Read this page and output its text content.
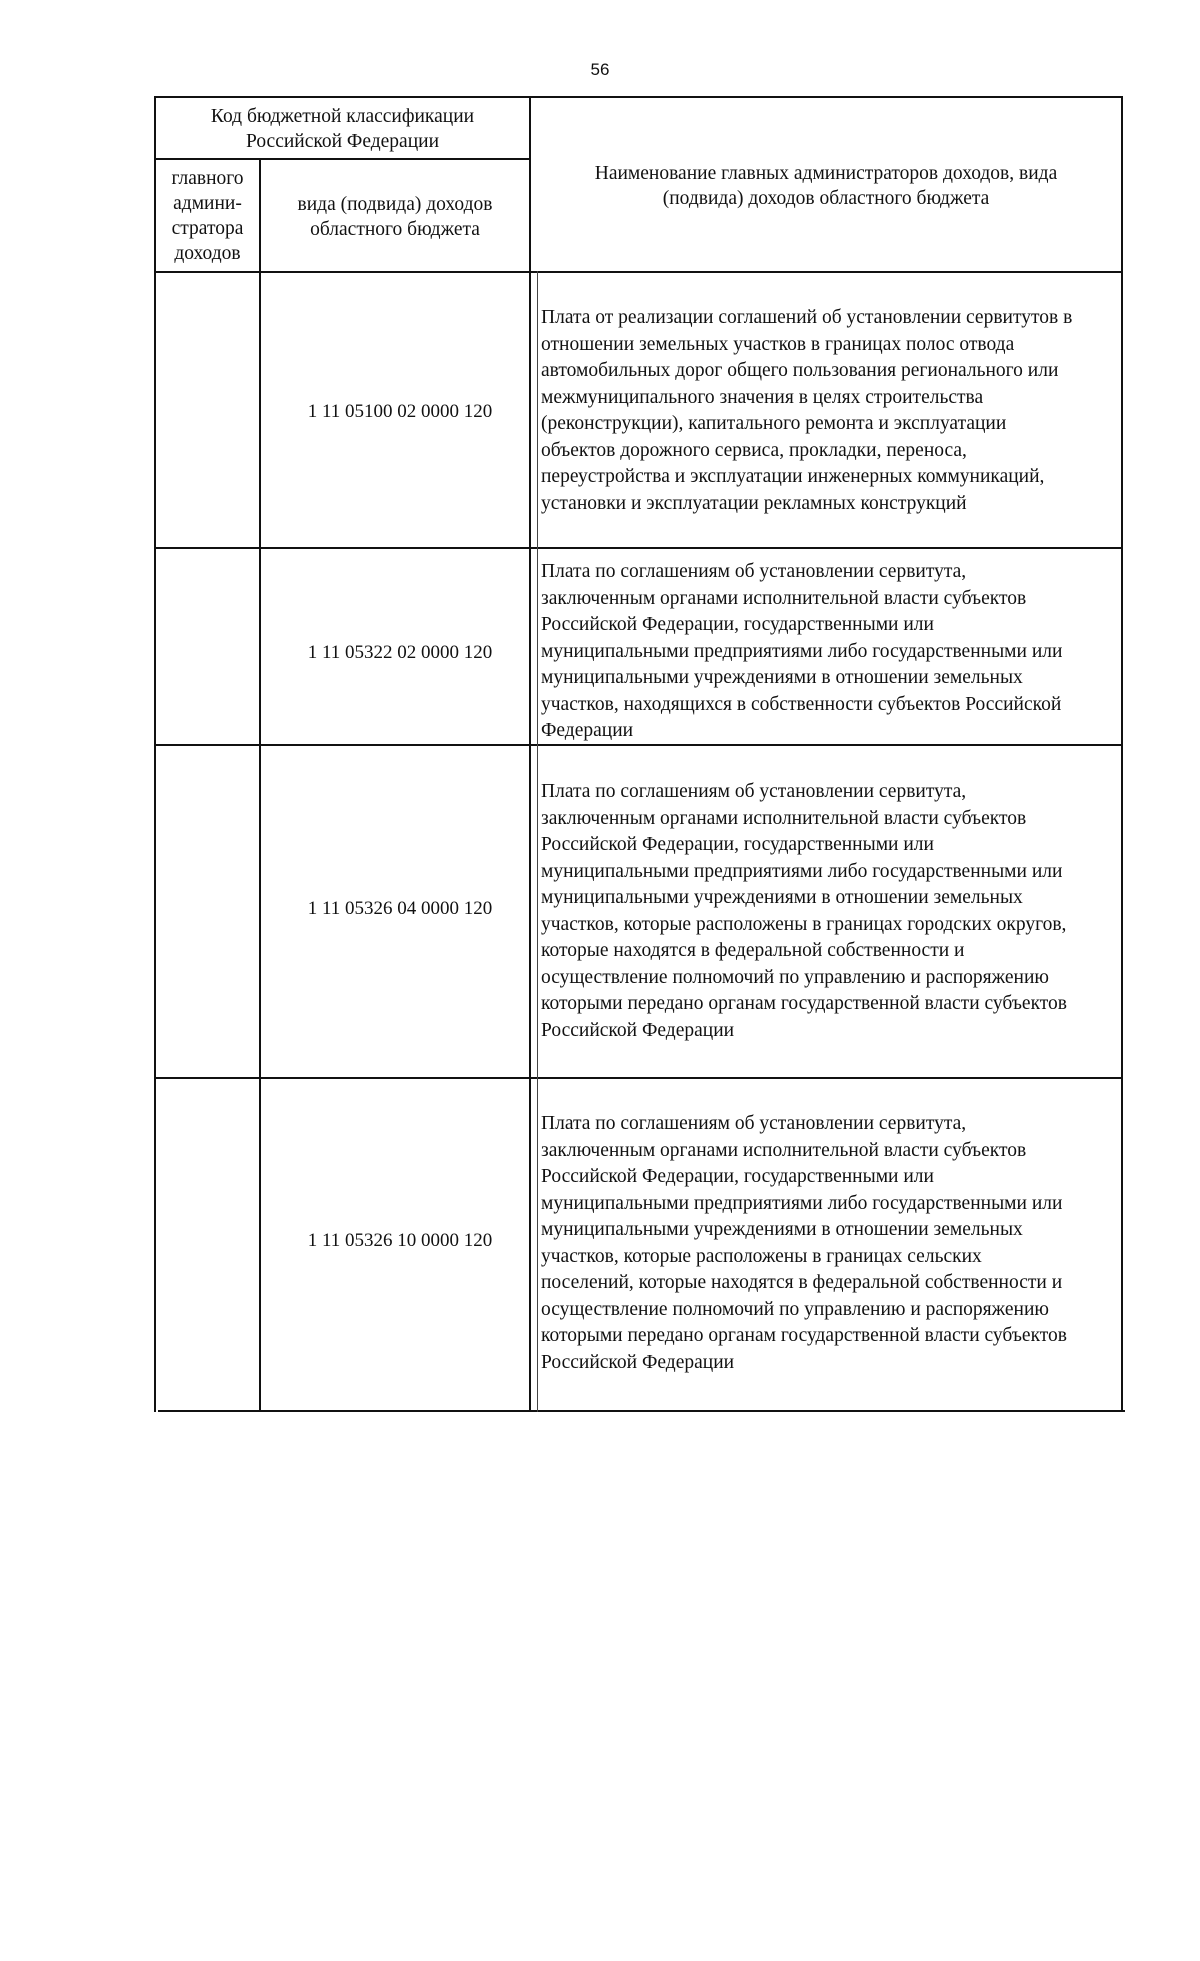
56
Код бюджетной классификации
Российской Федерации
главного
админи-
стратора
доходов
вида (подвида) доходов
областного бюджета
Наименование главных администраторов доходов, вида
(подвида) доходов областного бюджета
1 11 05100 02 0000 120
1 11 05322 02 0000 120
1 11 05326 04 0000 120
1 11 05326 10 0000 120
Плата от реализации соглашений об установлении сервитутов в
отношении земельных участков в границах полос отвода
автомобильных дорог общего пользования регионального или
межмуниципального значения в целях строительства
(реконструкции), капитального ремонта и эксплуатации
объектов дорожного сервиса, прокладки, переноса,
переустройства и эксплуатации инженерных коммуникаций,
установки и эксплуатации рекламных конструкций
Плата по соглашениям об установлении сервитута,
заключенным органами исполнительной власти субъектов
Российской Федерации, государственными или
муниципальными предприятиями либо государственными или
муниципальными учреждениями в отношении земельных
участков, находящихся в собственности субъектов Российской
Федерации
Плата по соглашениям об установлении сервитута,
заключенным органами исполнительной власти субъектов
Российской Федерации, государственными или
муниципальными предприятиями либо государственными или
муниципальными учреждениями в отношении земельных
участков, которые расположены в границах городских округов,
которые находятся в федеральной собственности и
осуществление полномочий по управлению и распоряжению
которыми передано органам государственной власти субъектов
Российской Федерации
Плата по соглашениям об установлении сервитута,
заключенным органами исполнительной власти субъектов
Российской Федерации, государственными или
муниципальными предприятиями либо государственными или
муниципальными учреждениями в отношении земельных
участков, которые расположены в границах сельских
поселений, которые находятся в федеральной собственности и
осуществление полномочий по управлению и распоряжению
которыми передано органам государственной власти субъектов
Российской Федерации
